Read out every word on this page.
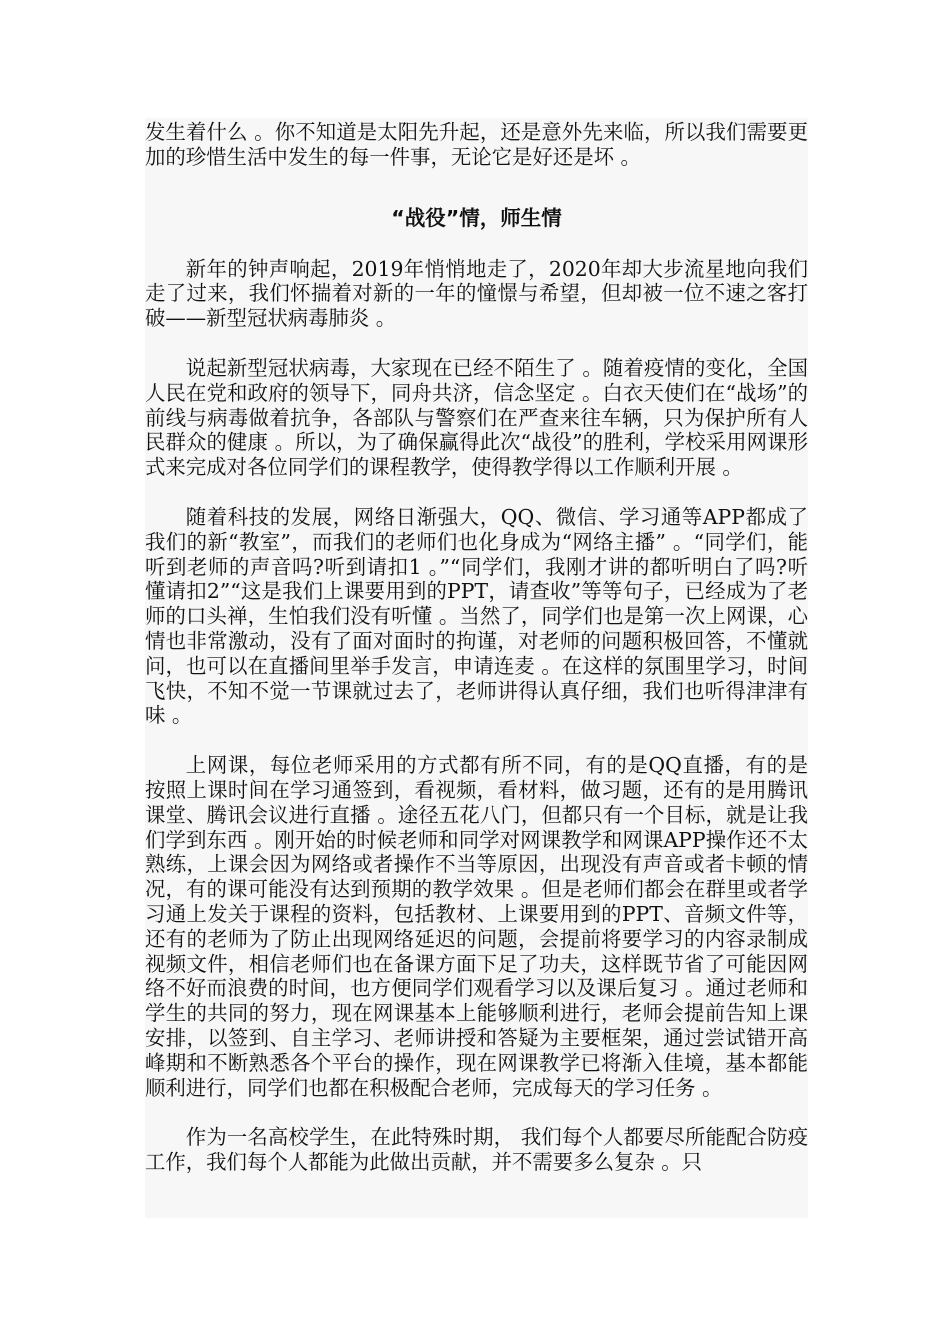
发生着什么 。你不知道是太阳先升起，还是意外先来临，所以我们需要更加的珍惜生活中发生的每一件事，无论它是好还是坏 。

“战役”情，师生情

新年的钟声响起，2019年悄悄地走了，2020年却大步流星地向我们走了过来，我们怀揣着对新的一年的憧憬与希望，但却被一位不速之客打破——新型冠状病毒肺炎 。

说起新型冠状病毒，大家现在已经不陌生了 。随着疫情的变化，全国人民在党和政府的领导下，同舟共济，信念坚定 。白衣天使们在“战场”的前线与病毒做着抗争，各部队与警察们在严查来往车辆，只为保护所有人民群众的健康 。所以，为了确保赢得此次“战役”的胜利，学校采用网课形式来完成对各位同学们的课程教学，使得教学得以工作顺利开展 。

随着科技的发展，网络日渐强大，QQ、微信、学习通等APP都成了我们的新“教室”，而我们的老师们也化身成为“网络主播” 。“同学们，能听到老师的声音吗?听到请扣1 。”“同学们，我刚才讲的都听明白了吗?听懂请扣2”“这是我们上课要用到的PPT，请查收”等等句子，已经成为了老师的口头禅，生怕我们没有听懂 。当然了，同学们也是第一次上网课，心情也非常激动，没有了面对面时的拘谨，对老师的问题积极回答，不懂就问，也可以在直播间里举手发言，申请连麦 。在这样的氛围里学习，时间飞快，不知不觉一节课就过去了，老师讲得认真仔细，我们也听得津津有味 。

上网课，每位老师采用的方式都有所不同，有的是QQ直播，有的是按照上课时间在学习通签到，看视频，看材料，做习题，还有的是用腾讯课堂、腾讯会议进行直播 。途径五花八门，但都只有一个目标，就是让我们学到东西 。刚开始的时候老师和同学对网课教学和网课APP操作还不太熟练，上课会因为网络或者操作不当等原因，出现没有声音或者卡顿的情况，有的课可能没有达到预期的教学效果 。但是老师们都会在群里或者学习通上发关于课程的资料，包括教材、上课要用到的PPT、音频文件等，还有的老师为了防止出现网络延迟的问题，会提前将要学习的内容录制成视频文件，相信老师们也在备课方面下足了功夫，这样既节省了可能因网络不好而浪费的时间，也方便同学们观看学习以及课后复习 。通过老师和学生的共同的努力，现在网课基本上能够顺利进行，老师会提前告知上课安排，以签到、自主学习、老师讲授和答疑为主要框架，通过尝试错开高峰期和不断熟悉各个平台的操作，现在网课教学已将渐入佳境，基本都能顺利进行，同学们也都在积极配合老师，完成每天的学习任务 。

作为一名高校学生，在此特殊时期， 我们每个人都要尽所能配合防疫工作，我们每个人都能为此做出贡献，并不需要多么复杂 。只
